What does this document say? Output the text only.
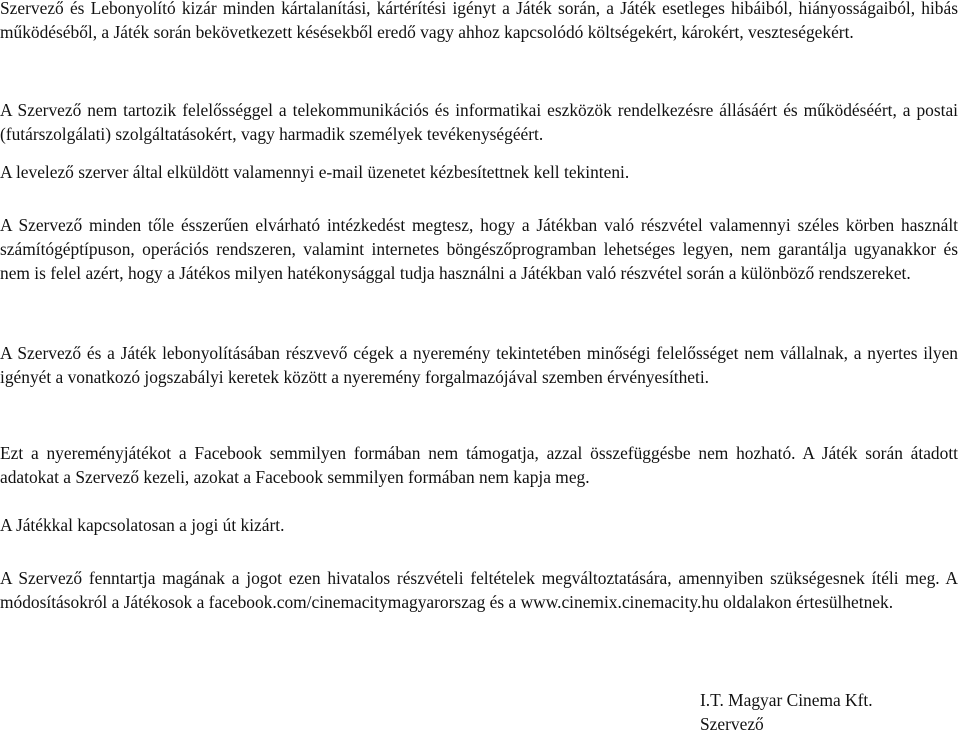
Szervező és Lebonyolító kizár minden kártalanítási, kártérítési igényt a Játék során, a Játék esetleges hibáiból, hiányosságaiból, hibás működéséből, a Játék során bekövetkezett késésekből eredő vagy ahhoz kapcsolódó költségekért, károkért, veszteségekért.

A Szervező nem tartozik felelősséggel a telekommunikációs és informatikai eszközök rendelkezésre állásáért és működéséért, a postai (futárszolgálati) szolgáltatásokért, vagy harmadik személyek tevékenységéért.

A levelező szerver által elküldött valamennyi e-mail üzenetet kézbesítettnek kell tekinteni.

A Szervező minden tőle ésszerűen elvárható intézkedést megtesz, hogy a Játékban való részvétel valamennyi széles körben használt számítógéptípuson, operációs rendszeren, valamint internetes böngészőprogramban lehetséges legyen, nem garantálja ugyanakkor és nem is felel azért, hogy a Játékos milyen hatékonysággal tudja használni a Játékban való részvétel során a különböző rendszereket.

A Szervező és a Játék lebonyolításában részvevő cégek a nyeremény tekintetében minőségi felelősséget nem vállalnak, a nyertes ilyen igényét a vonatkozó jogszabályi keretek között a nyeremény forgalmazójával szemben érvényesítheti.

Ezt a nyereményjátékot a Facebook semmilyen formában nem támogatja, azzal összefüggésbe nem hozható. A Játék során átadott adatokat a Szervező kezeli, azokat a Facebook semmilyen formában nem kapja meg.

A Játékkal kapcsolatosan a jogi út kizárt.

A Szervező fenntartja magának a jogot ezen hivatalos részvételi feltételek megváltoztatására, amennyiben szükségesnek ítéli meg. A módosításokról a Játékosok a facebook.com/cinemacitymagyarorszag és a www.cinemix.cinemacity.hu oldalakon értesülhetnek.

I.T. Magyar Cinema Kft.
Szervező
